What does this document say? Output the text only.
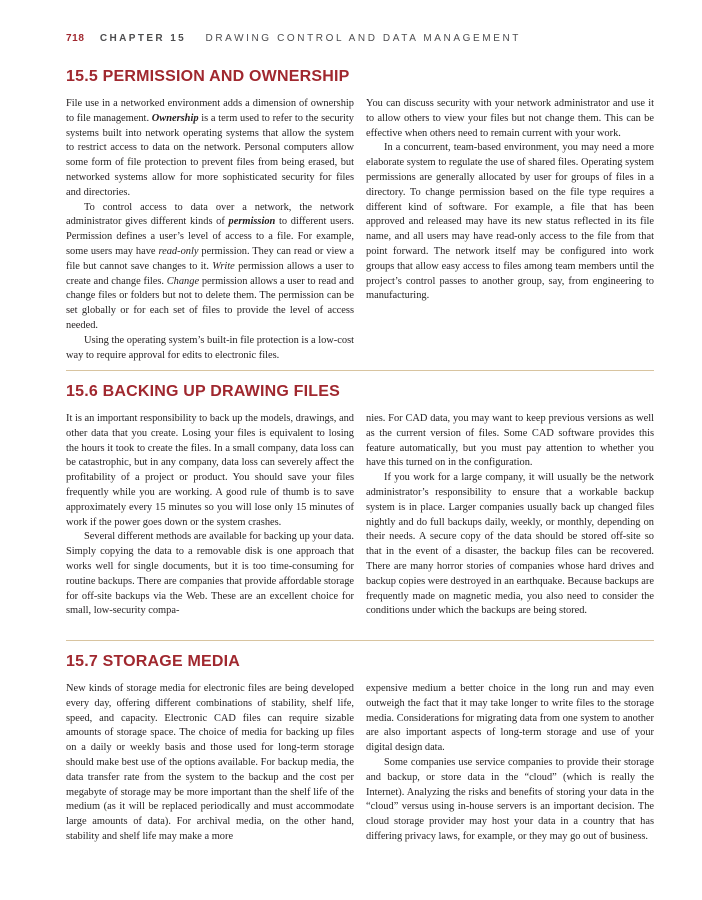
718 CHAPTER 15 DRAWING CONTROL AND DATA MANAGEMENT
15.5 PERMISSION AND OWNERSHIP

File use in a networked environment adds a dimension of ownership to file management. Ownership is a term used to refer to the security systems built into network operating systems that allow the system to restrict access to data on the network. Personal computers allow some form of file protection to prevent files from being erased, but networked systems allow for more sophisticated security for files and directories.

To control access to data over a network, the network administrator gives different kinds of permission to different users. Permission defines a user’s level of access to a file. For example, some users may have read-only permission. They can read or view a file but cannot save changes to it. Write permission allows a user to create and change files. Change permission allows a user to read and change files or folders but not to delete them. The permission can be set globally or for each set of files to provide the level of access needed.

Using the operating system’s built-in file protection is a low-cost way to require approval for edits to electronic files.

You can discuss security with your network administrator and use it to allow others to view your files but not change them. This can be effective when others need to remain current with your work.

In a concurrent, team-based environment, you may need a more elaborate system to regulate the use of shared files. Operating system permissions are generally allocated by user for groups of files in a directory. To change permission based on the file type requires a different kind of software. For example, a file that has been approved and released may have its new status reflected in its file name, and all users may have read-only access to the file from that point forward. The network itself may be configured into work groups that allow easy access to files among team members until the project’s control passes to another group, say, from engineering to manufacturing.

15.6 BACKING UP DRAWING FILES

It is an important responsibility to back up the models, drawings, and other data that you create. Losing your files is equivalent to losing the hours it took to create the files. In a small company, data loss can be catastrophic, but in any company, data loss can severely affect the profitability of a project or product. You should save your files frequently while you are working. A good rule of thumb is to save approximately every 15 minutes so you will lose only 15 minutes of work if the power goes down or the system crashes.

Several different methods are available for backing up your data. Simply copying the data to a removable disk is one approach that works well for single documents, but it is too time-consuming for routine backups. There are companies that provide affordable storage for off-site backups via the Web. These are an excellent choice for small, low-security compa-

nies. For CAD data, you may want to keep previous versions as well as the current version of files. Some CAD software provides this feature automatically, but you must pay attention to whether you have this turned on in the configuration.

If you work for a large company, it will usually be the network administrator’s responsibility to ensure that a workable backup system is in place. Larger companies usually back up changed files nightly and do full backups daily, weekly, or monthly, depending on their needs. A secure copy of the data should be stored off-site so that in the event of a disaster, the backup files can be recovered. There are many horror stories of companies whose hard drives and backup copies were destroyed in an earthquake. Because backups are frequently made on magnetic media, you also need to consider the conditions under which the backups are being stored.

15.7 STORAGE MEDIA

New kinds of storage media for electronic files are being developed every day, offering different combinations of stability, shelf life, speed, and capacity. Electronic CAD files can require sizable amounts of storage space. The choice of media for backing up files on a daily or weekly basis and those used for long-term storage should make best use of the options available. For backup media, the data transfer rate from the system to the backup and the cost per megabyte of storage may be more important than the shelf life of the medium (as it will be replaced periodically and must accommodate large amounts of data). For archival media, on the other hand, stability and shelf life may make a more

expensive medium a better choice in the long run and may even outweigh the fact that it may take longer to write files to the storage media. Considerations for migrating data from one system to another are also important aspects of long-term storage and use of your digital design data.

Some companies use service companies to provide their storage and backup, or store data in the “cloud” (which is really the Internet). Analyzing the risks and benefits of storing your data in the “cloud” versus using in-house servers is an important decision. The cloud storage provider may host your data in a country that has differing privacy laws, for example, or they may go out of business.
